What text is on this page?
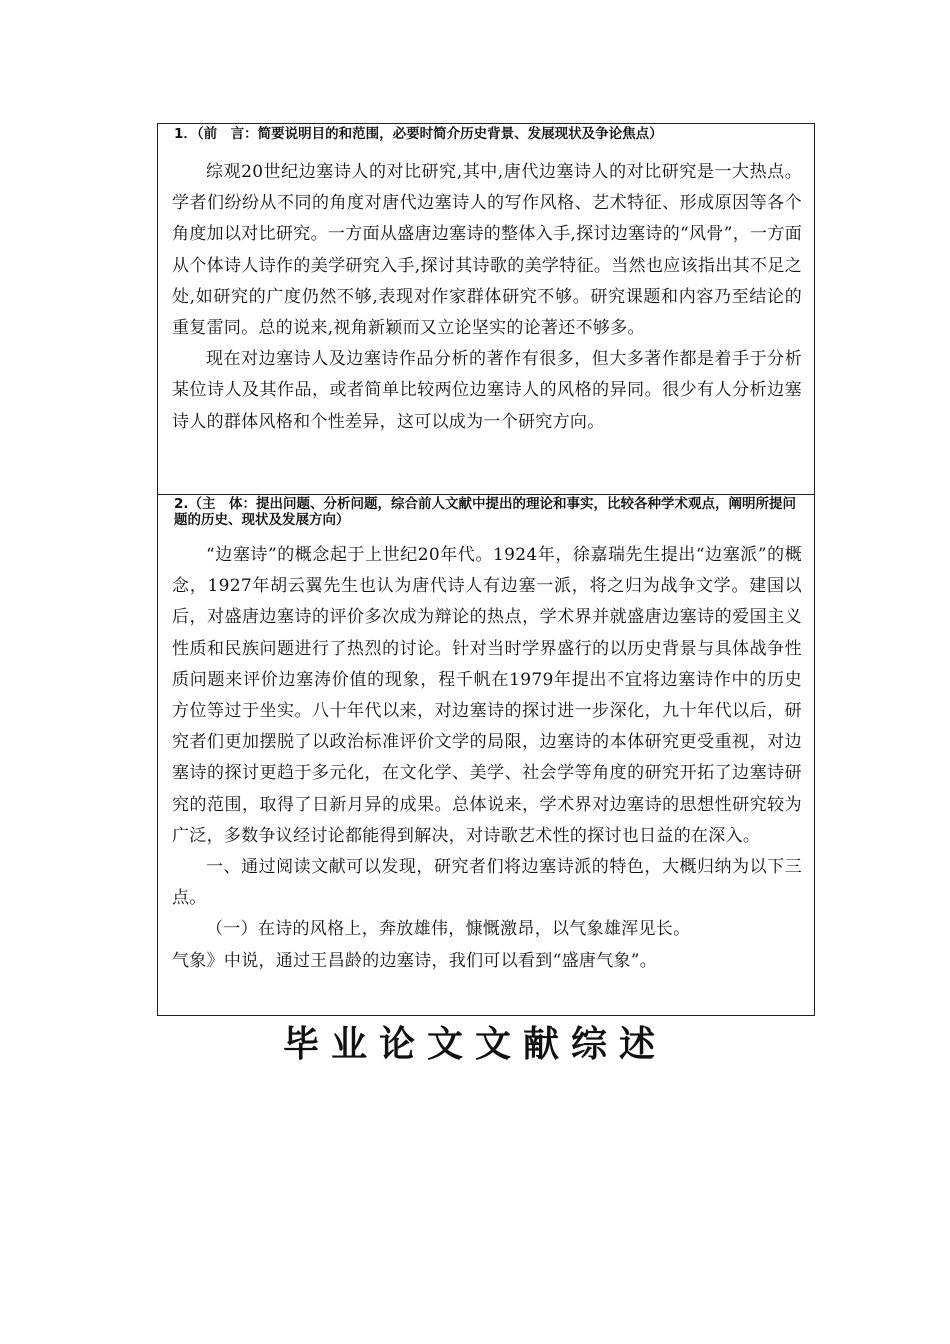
1．（前　言：简要说明目的和范围，必要时简介历史背景、发展现状及争论焦点）

综观20世纪边塞诗人的对比研究,其中,唐代边塞诗人的对比研究是一大热点。学者们纷纷从不同的角度对唐代边塞诗人的写作风格、艺术特征、形成原因等各个角度加以对比研究。一方面从盛唐边塞诗的整体入手,探讨边塞诗的“风骨”，一方面从个体诗人诗作的美学研究入手,探讨其诗歌的美学特征。当然也应该指出其不足之处,如研究的广度仍然不够,表现对作家群体研究不够。研究课题和内容乃至结论的重复雷同。总的说来,视角新颖而又立论坚实的论著还不够多。

现在对边塞诗人及边塞诗作品分析的著作有很多，但大多著作都是着手于分析某位诗人及其作品，或者简单比较两位边塞诗人的风格的异同。很少有人分析边塞诗人的群体风格和个性差异，这可以成为一个研究方向。

2.（主　体：提出问题、分析问题，综合前人文献中提出的理论和事实，比较各种学术观点，阐明所提问题的历史、现状及发展方向）

“边塞诗”的概念起于上世纪20年代。1924年，徐嘉瑞先生提出“边塞派”的概念，1927年胡云翼先生也认为唐代诗人有边塞一派，将之归为战争文学。建国以后，对盛唐边塞诗的评价多次成为辩论的热点，学术界并就盛唐边塞诗的爱国主义性质和民族问题进行了热烈的讨论。针对当时学界盛行的以历史背景与具体战争性质问题来评价边塞涛价值的现象，程千帆在1979年提出不宜将边塞诗作中的历史方位等过于坐实。八十年代以来，对边塞诗的探讨进一步深化，九十年代以后，研究者们更加摆脱了以政治标准评价文学的局限，边塞诗的本体研究更受重视，对边塞诗的探讨更趋于多元化，在文化学、美学、社会学等角度的研究开拓了边塞诗研究的范围，取得了日新月异的成果。总体说来，学术界对边塞诗的思想性研究较为广泛，多数争议经讨论都能得到解决，对诗歌艺术性的探讨也日益的在深入。

一、通过阅读文献可以发现，研究者们将边塞诗派的特色，大概归纳为以下三点。

（一）在诗的风格上，奔放雄伟，慷慨激昂，以气象雄浑见长。

气象》中说，通过王昌龄的边塞诗，我们可以看到“盛唐气象”。

毕业论文文献综述
